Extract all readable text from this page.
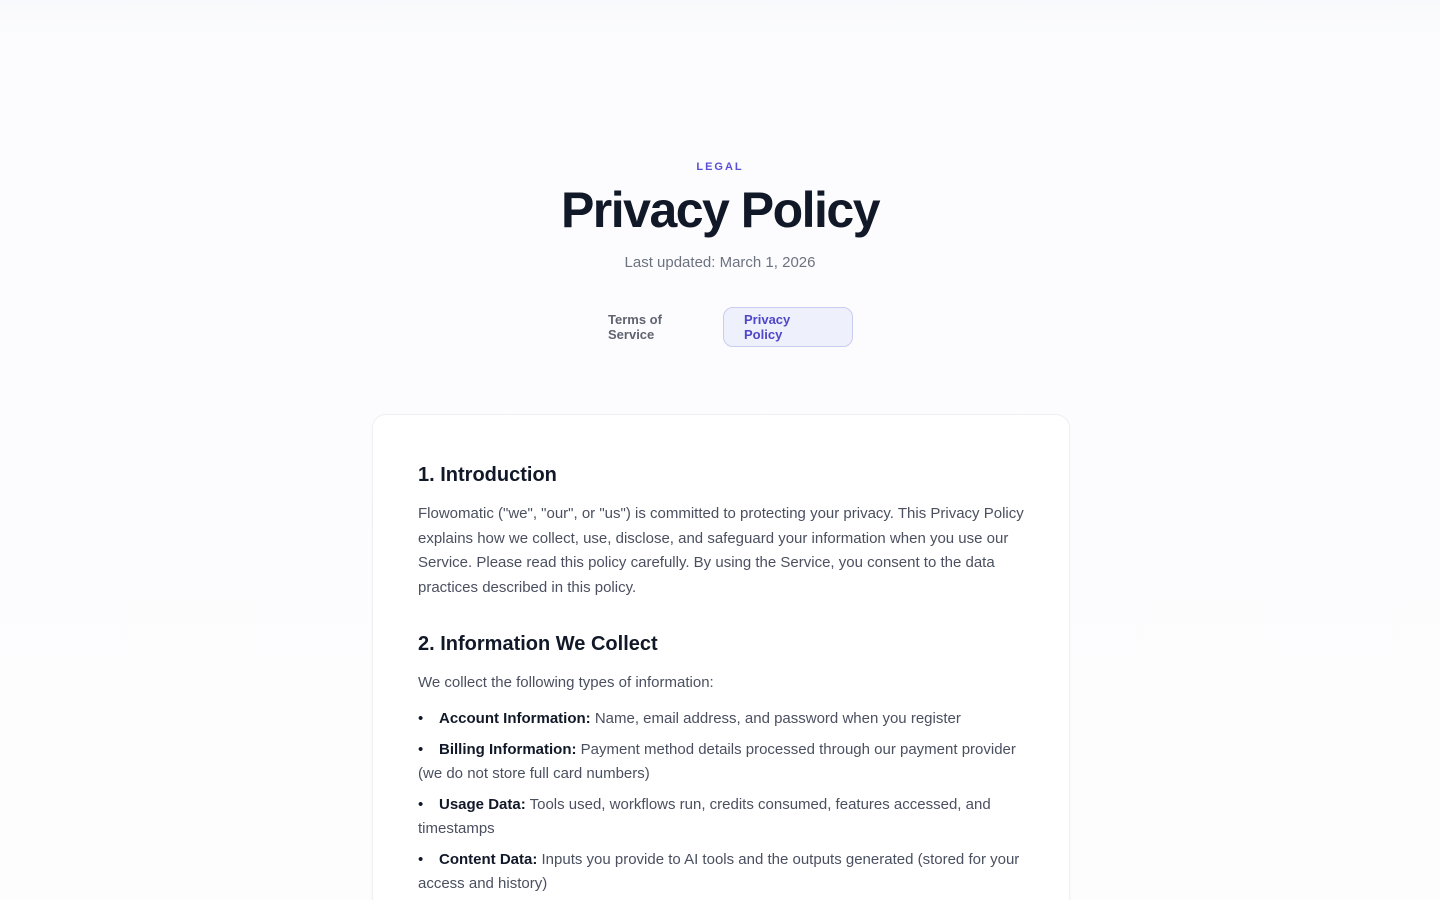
LEGAL
Privacy Policy
Last updated: March 1, 2026
Terms of Service
Privacy Policy
1. Introduction

Flowomatic ("we", "our", or "us") is committed to protecting your privacy. This Privacy Policy explains how we collect, use, disclose, and safeguard your information when you use our Service. Please read this policy carefully. By using the Service, you consent to the data practices described in this policy.

2. Information We Collect

We collect the following types of information:

• Account Information: Name, email address, and password when you register
• Billing Information: Payment method details processed through our payment provider (we do not store full card numbers)
• Usage Data: Tools used, workflows run, credits consumed, features accessed, and timestamps
• Content Data: Inputs you provide to AI tools and the outputs generated (stored for your access and history)
